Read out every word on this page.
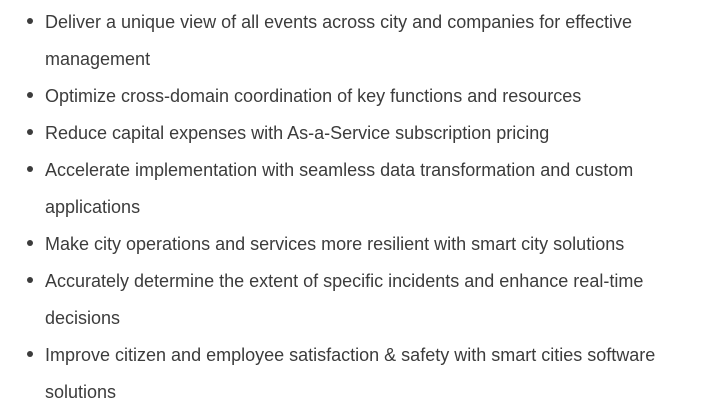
Deliver a unique view of all events across city and companies for effective management
Optimize cross-domain coordination of key functions and resources
Reduce capital expenses with As-a-Service subscription pricing
Accelerate implementation with seamless data transformation and custom applications
Make city operations and services more resilient with smart city solutions
Accurately determine the extent of specific incidents and enhance real-time decisions
Improve citizen and employee satisfaction & safety with smart cities software solutions
